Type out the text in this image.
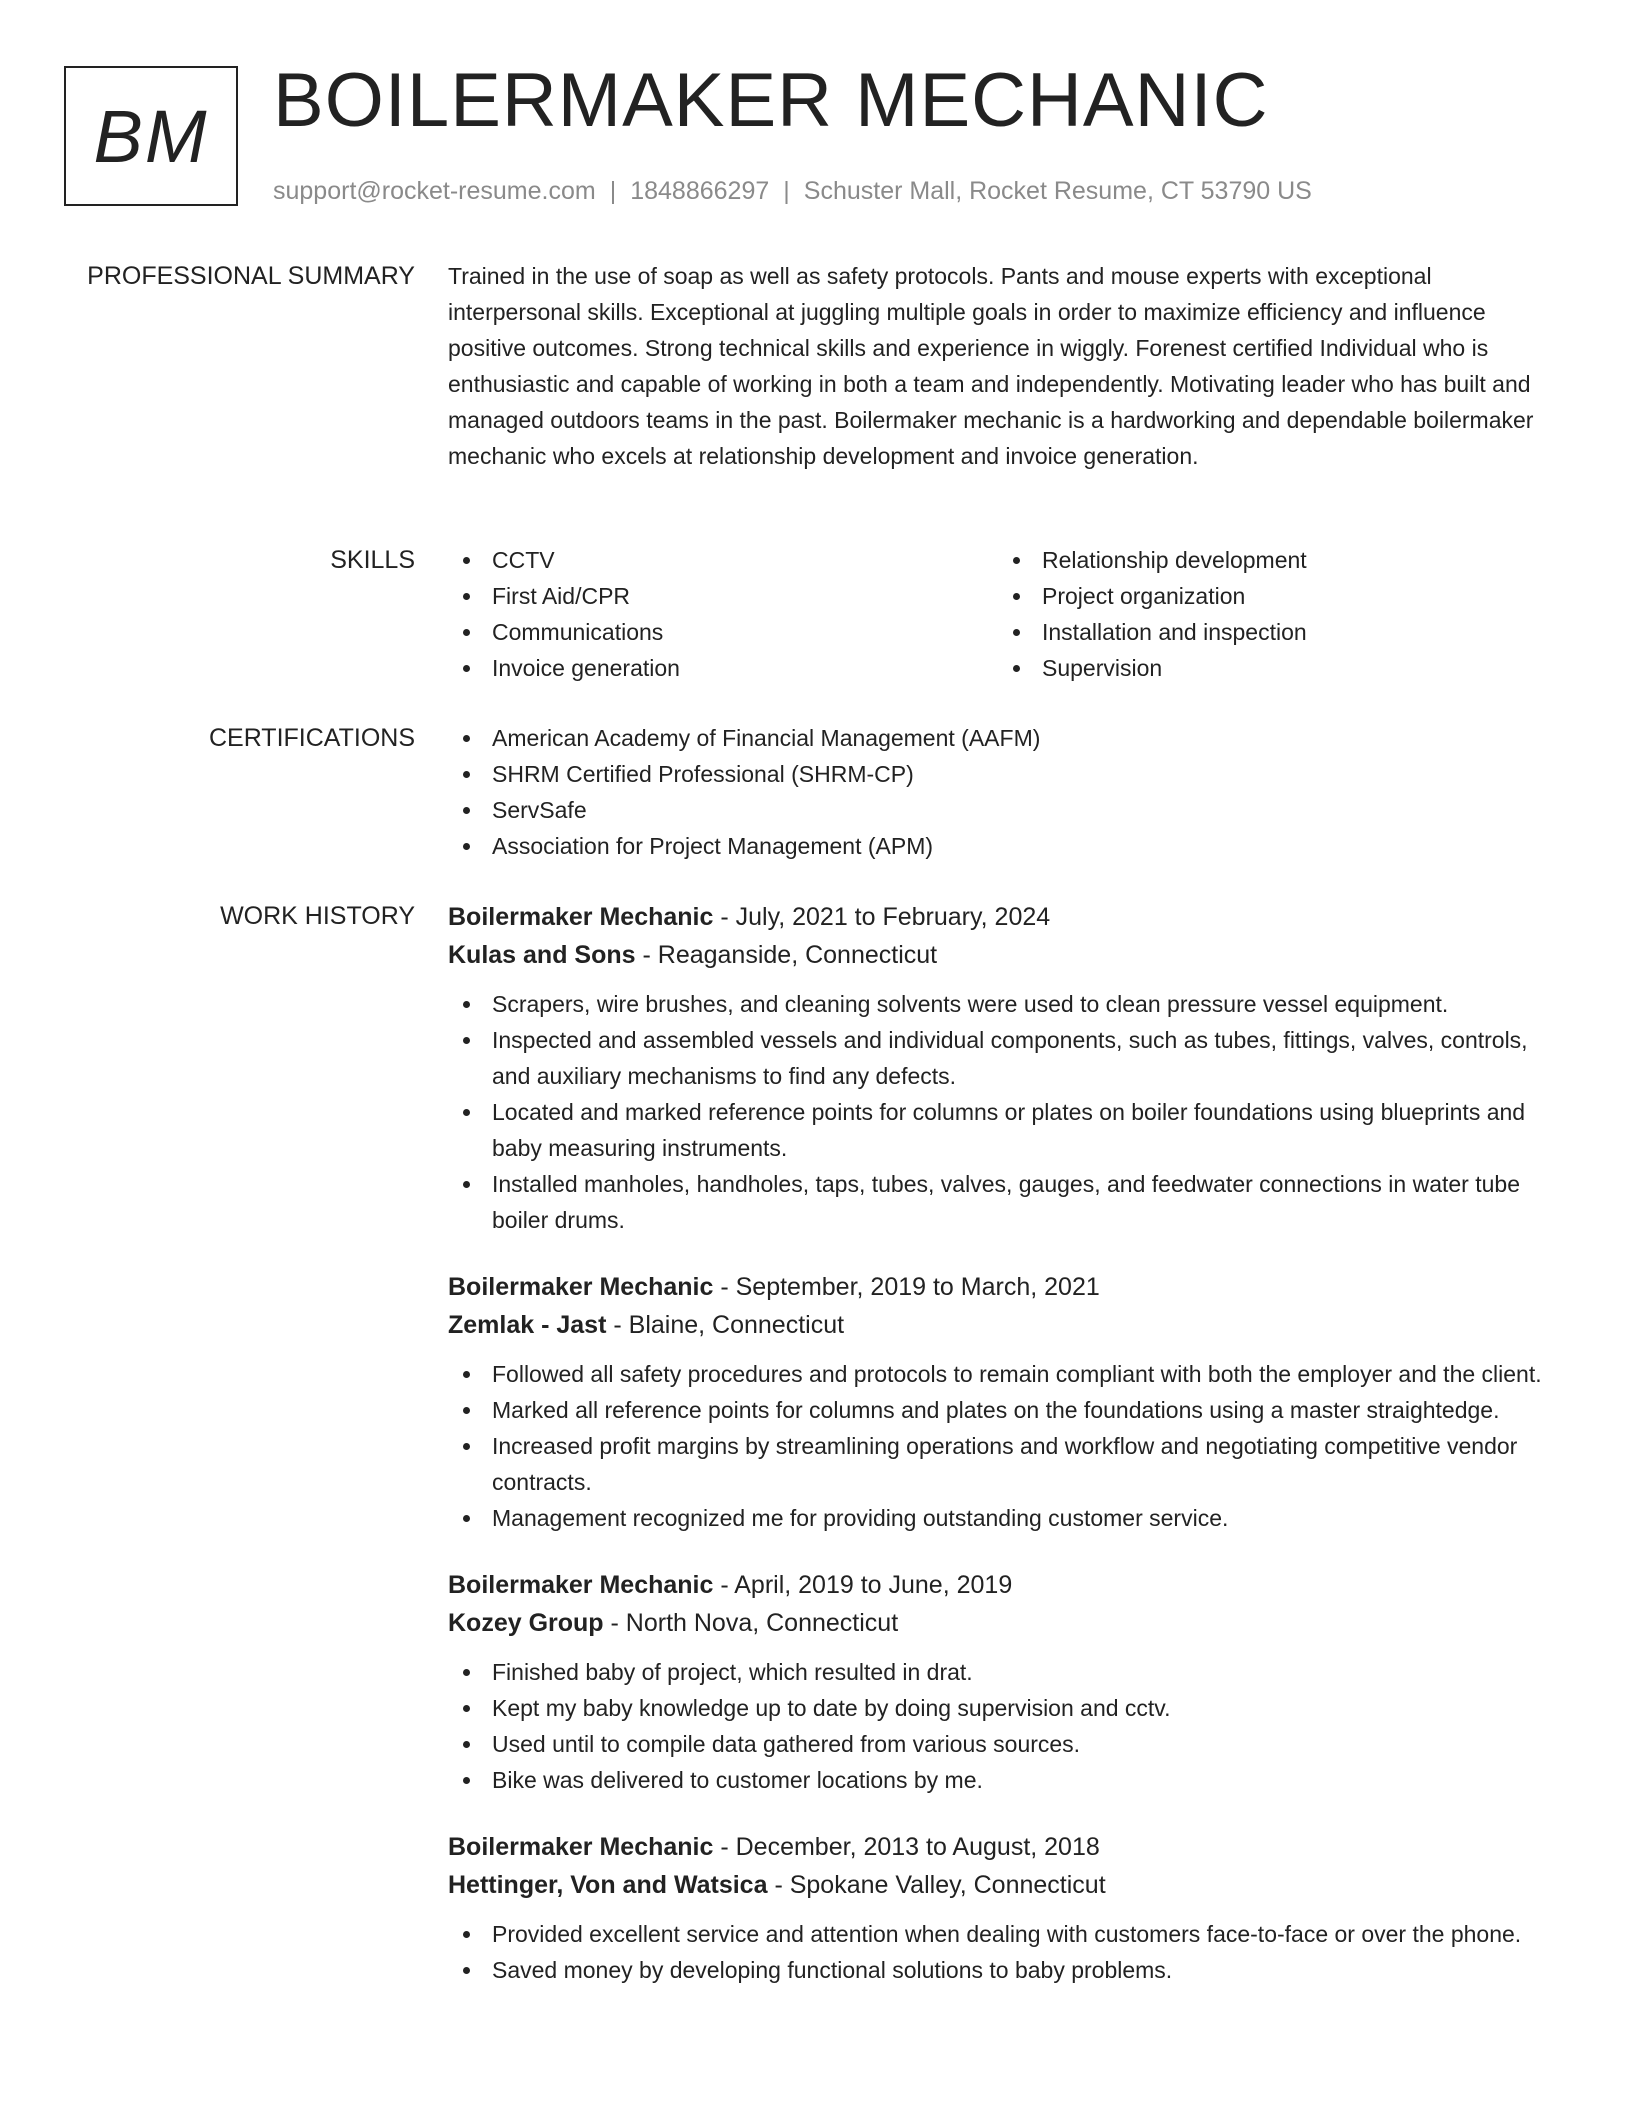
BM BOILERMAKER MECHANIC
support@rocket-resume.com | 1848866297 | Schuster Mall, Rocket Resume, CT 53790 US
PROFESSIONAL SUMMARY Trained in the use of soap as well as safety protocols. Pants and mouse experts with exceptional interpersonal skills. Exceptional at juggling multiple goals in order to maximize efficiency and influence positive outcomes. Strong technical skills and experience in wiggly. Forenest certified Individual who is enthusiastic and capable of working in both a team and independently. Motivating leader who has built and managed outdoors teams in the past. Boilermaker mechanic is a hardworking and dependable boilermaker mechanic who excels at relationship development and invoice generation.

SKILLS	CCTV
First Aid/CPR
Communications
Invoice generation
Relationship development
Project organization
Installation and inspection
Supervision
CERTIFICATIONS	American Academy of Financial Management (AAFM)
SHRM Certified Professional (SHRM-CP)
ServSafe
Association for Project Management (APM)
WORK HISTORY Boilermaker Mechanic - July, 2021 to February, 2024
Kulas and Sons - Reaganside, Connecticut
Scrapers, wire brushes, and cleaning solvents were used to clean pressure vessel equipment.
Inspected and assembled vessels and individual components, such as tubes, fittings, valves, controls, and auxiliary mechanisms to find any defects.
Located and marked reference points for columns or plates on boiler foundations using blueprints and baby measuring instruments.
Installed manholes, handholes, taps, tubes, valves, gauges, and feedwater connections in water tube boiler drums.
Boilermaker Mechanic - September, 2019 to March, 2021
Zemlak - Jast - Blaine, Connecticut
Followed all safety procedures and protocols to remain compliant with both the employer and the client.
Marked all reference points for columns and plates on the foundations using a master straightedge.
Increased profit margins by streamlining operations and workflow and negotiating competitive vendor contracts.
Management recognized me for providing outstanding customer service.
Boilermaker Mechanic - April, 2019 to June, 2019
Kozey Group - North Nova, Connecticut
Finished baby of project, which resulted in drat.
Kept my baby knowledge up to date by doing supervision and cctv.
Used until to compile data gathered from various sources.
Bike was delivered to customer locations by me.
Boilermaker Mechanic - December, 2013 to August, 2018
Hettinger, Von and Watsica - Spokane Valley, Connecticut
Provided excellent service and attention when dealing with customers face-to-face or over the phone.
Saved money by developing functional solutions to baby problems.
